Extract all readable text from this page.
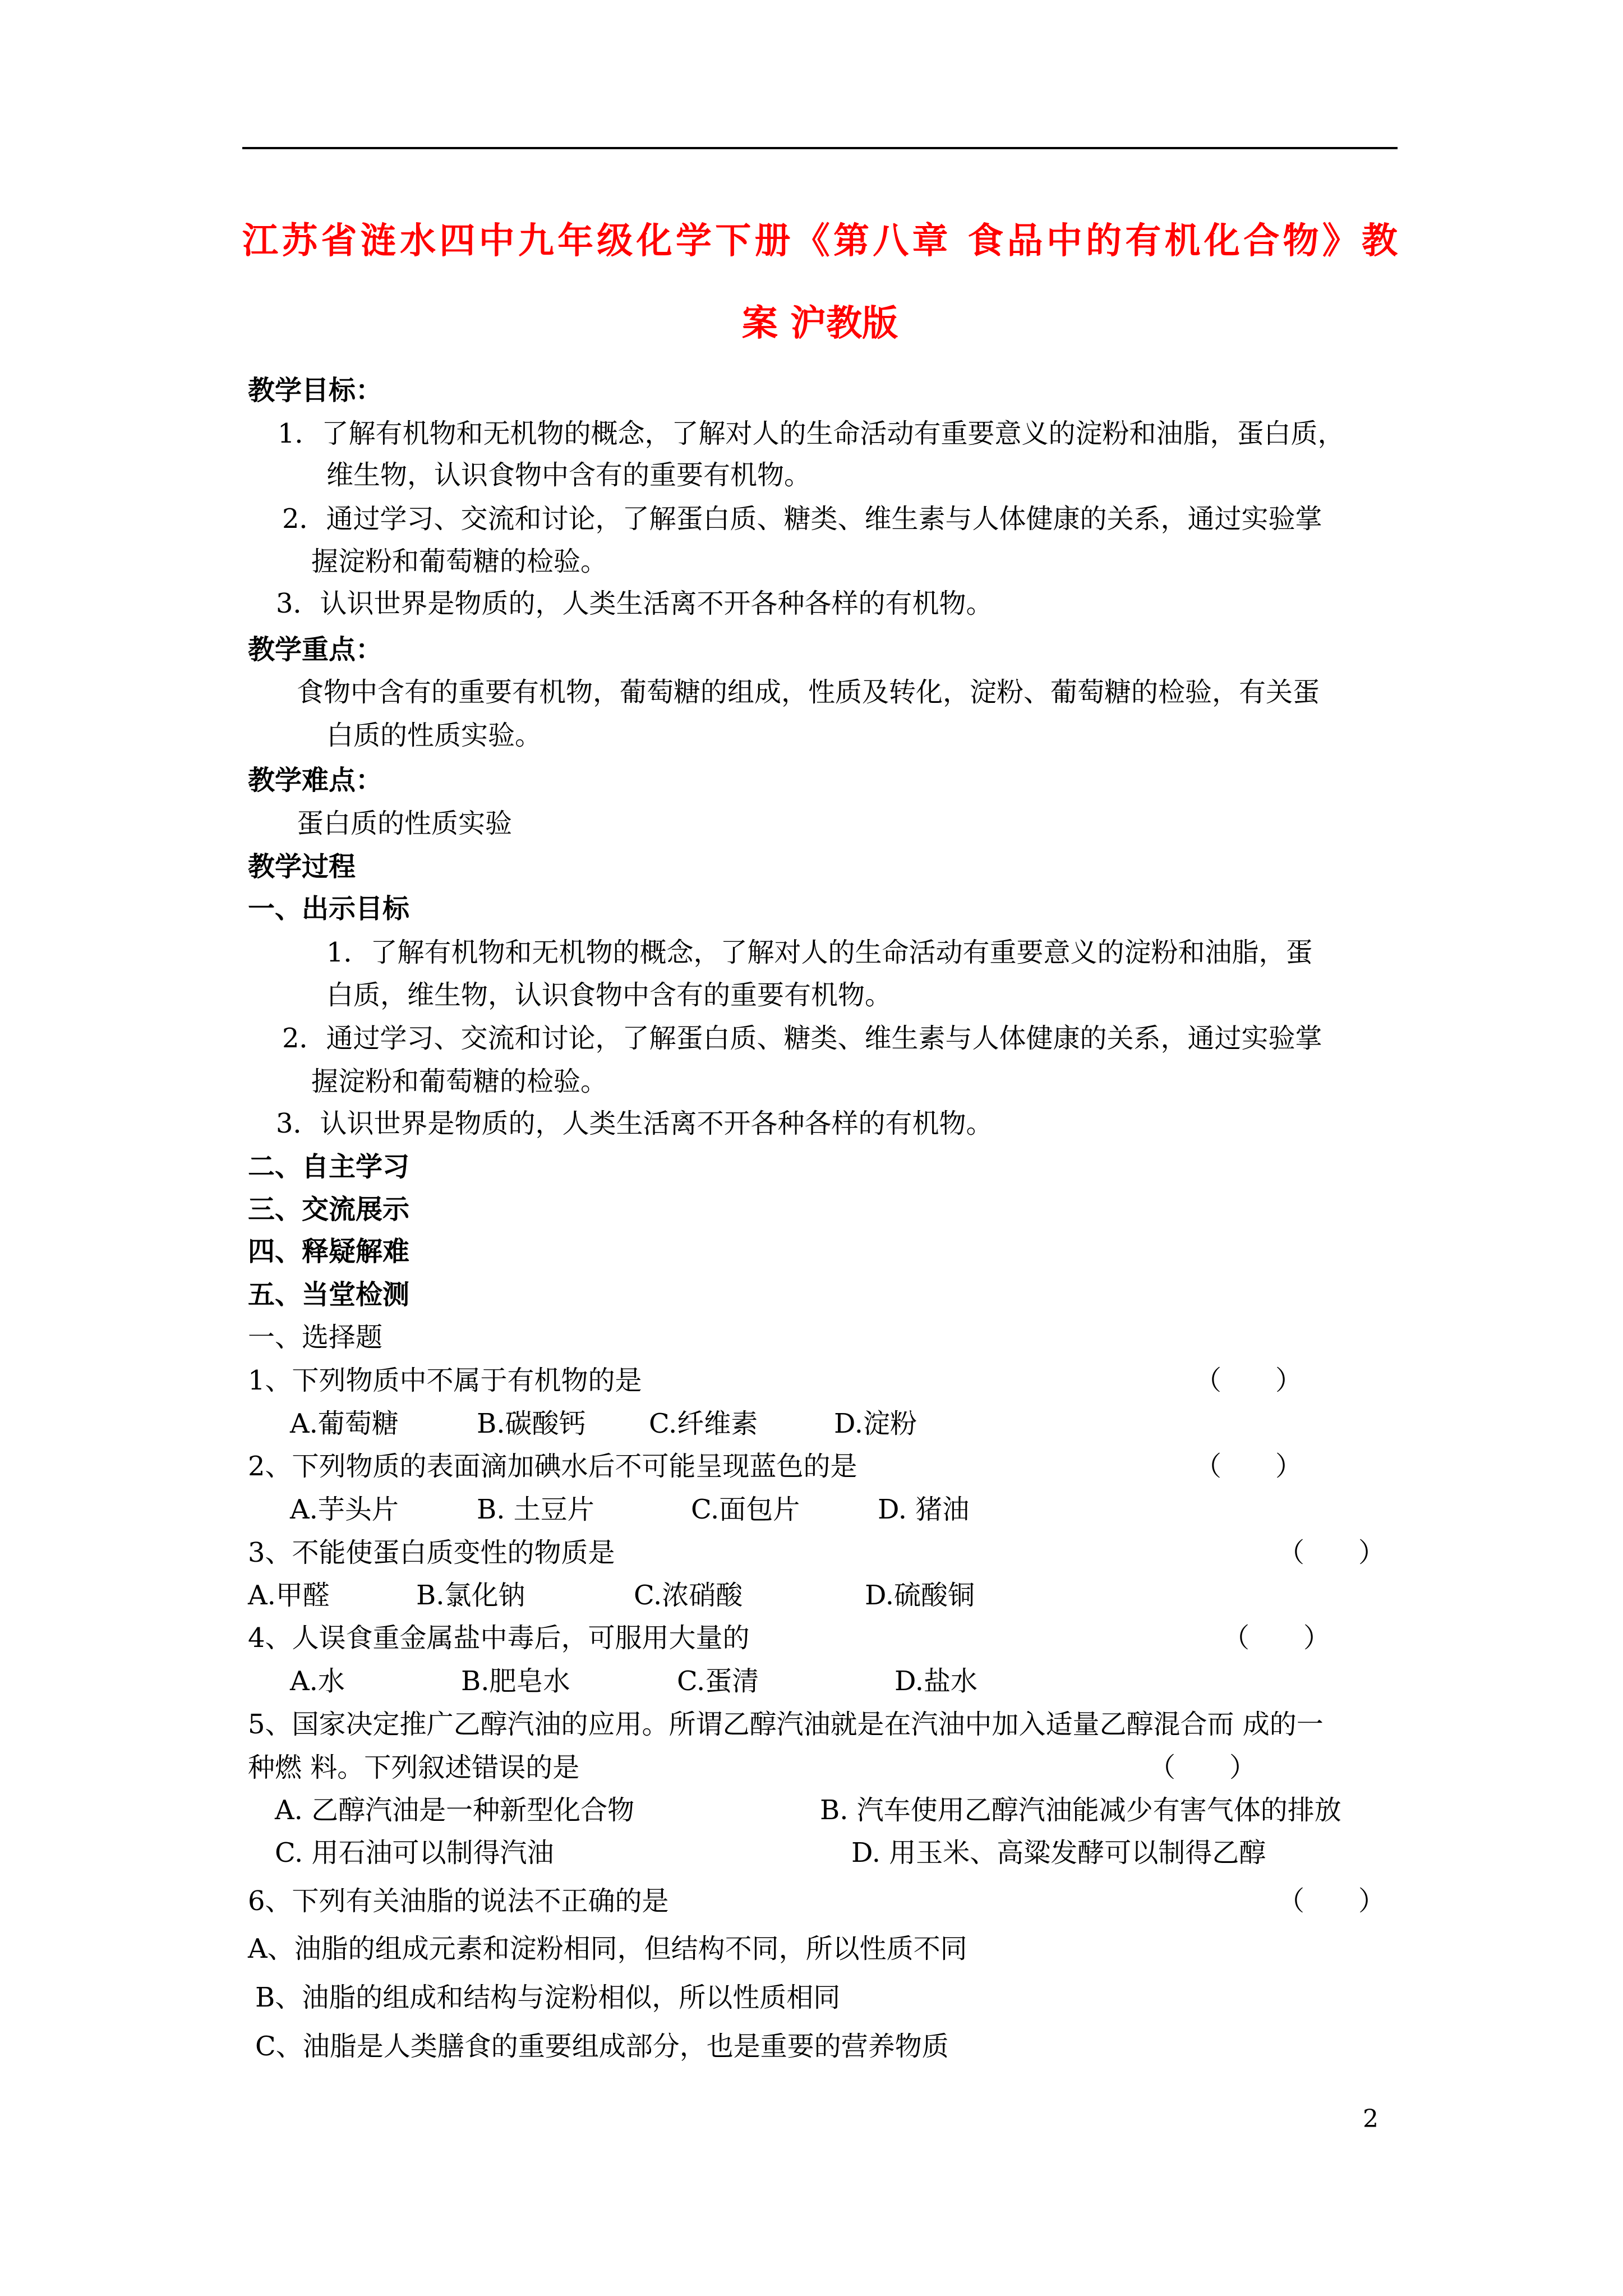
江苏省涟水四中九年级化学下册《第八章 食品中的有机化合物》教
案 沪教版
教学目标：
1．了解有机物和无机物的概念，了解对人的生命活动有重要意义的淀粉和油脂，蛋白质，
维生物，认识食物中含有的重要有机物。
2．通过学习、交流和讨论，了解蛋白质、糖类、维生素与人体健康的关系，通过实验掌
握淀粉和葡萄糖的检验。
3．认识世界是物质的，人类生活离不开各种各样的有机物。
教学重点：
食物中含有的重要有机物，葡萄糖的组成，性质及转化，淀粉、葡萄糖的检验，有关蛋
白质的性质实验。
教学难点：
蛋白质的性质实验
教学过程
一、出示目标
1．了解有机物和无机物的概念，了解对人的生命活动有重要意义的淀粉和油脂，蛋
白质，维生物，认识食物中含有的重要有机物。
2．通过学习、交流和讨论，了解蛋白质、糖类、维生素与人体健康的关系，通过实验掌
握淀粉和葡萄糖的检验。
3．认识世界是物质的，人类生活离不开各种各样的有机物。
二、自主学习
三、交流展示
四、释疑解难
五、当堂检测
一、选择题
1、下列物质中不属于有机物的是	（　　）
A.葡萄糖	B.碳酸钙 C.纤维素	D.淀粉
2、下列物质的表面滴加碘水后不可能呈现蓝色的是	（　　）
A.芋头片	B. 土豆片	C.面包片	D. 猪油
3、不能使蛋白质变性的物质是	（　　）
A.甲醛	B.氯化钠	C.浓硝酸	D.硫酸铜
4、人误食重金属盐中毒后，可服用大量的	（　　）
A.水	B.肥皂水	C.蛋清	D.盐水
5、国家决定推广乙醇汽油的应用。所谓乙醇汽油就是在汽油中加入适量乙醇混合而 成的一
种燃 料。下列叙述错误的是	（　　）
A. 乙醇汽油是一种新型化合物	B. 汽车使用乙醇汽油能减少有害气体的排放
C. 用石油可以制得汽油	D. 用玉米、高粱发酵可以制得乙醇
6、下列有关油脂的说法不正确的是	（　　）
A、油脂的组成元素和淀粉相同，但结构不同，所以性质不同
B、油脂的组成和结构与淀粉相似，所以性质相同
C、油脂是人类膳食的重要组成部分，也是重要的营养物质
2
